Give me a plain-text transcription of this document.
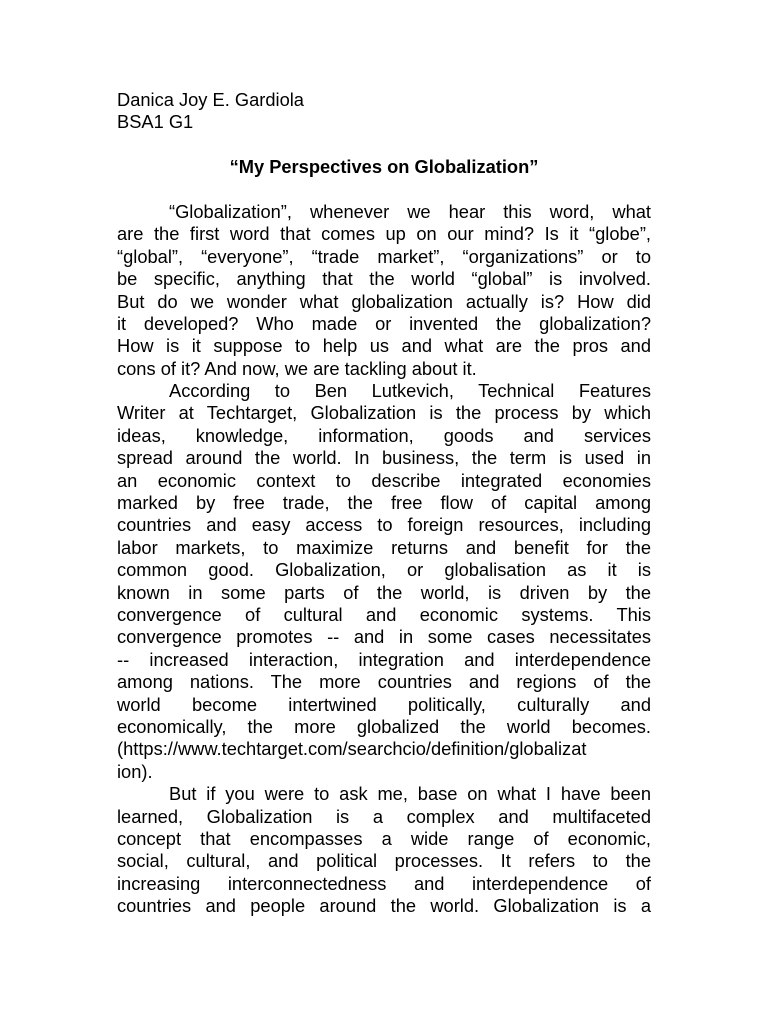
Danica Joy E. Gardiola
BSA1 G1
“My Perspectives on Globalization”
“Globalization”, whenever we hear this word, what
are the first word that comes up on our mind? Is it “globe”,
“global”, “everyone”, “trade market”, “organizations” or to
be specific, anything that the world “global” is involved.
But do we wonder what globalization actually is? How did
it developed? Who made or invented the globalization?
How is it suppose to help us and what are the pros and
cons of it? And now, we are tackling about it.
According to Ben Lutkevich, Technical Features
Writer at Techtarget, Globalization is the process by which
ideas, knowledge, information, goods and services
spread around the world. In business, the term is used in
an economic context to describe integrated economies
marked by free trade, the free flow of capital among
countries and easy access to foreign resources, including
labor markets, to maximize returns and benefit for the
common good. Globalization, or globalisation as it is
known in some parts of the world, is driven by the
convergence of cultural and economic systems. This
convergence promotes -- and in some cases necessitates
-- increased interaction, integration and interdependence
among nations. The more countries and regions of the
world become intertwined politically, culturally and
economically, the more globalized the world becomes.
(https://www.techtarget.com/searchcio/definition/globalizat
ion).
But if you were to ask me, base on what I have been
learned, Globalization is a complex and multifaceted
concept that encompasses a wide range of economic,
social, cultural, and political processes. It refers to the
increasing interconnectedness and interdependence of
countries and people around the world. Globalization is a
